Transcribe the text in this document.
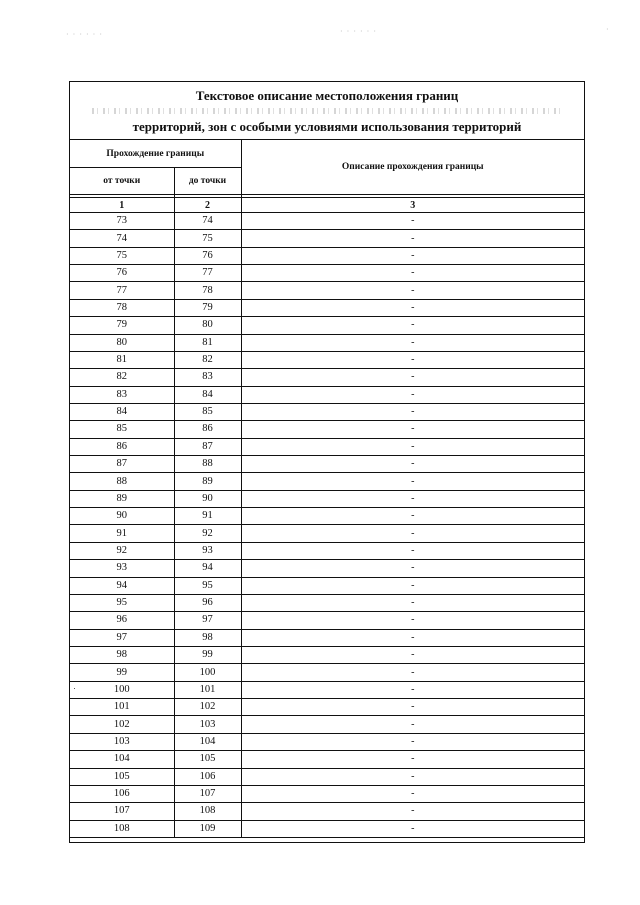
· · · · · ·	· · · · · ·	·
Текстовое описание местоположения границ
территорий, зон с особыми условиями использования территорий
Прохождение границы		Описание прохождения границы
от точки	до точки	

1	2	3
73	74	-
74	75	-
75	76	-
76	77	-
77	78	-
78	79	-
79	80	-
80	81	-
81	82	-
82	83	-
83	84	-
84	85	-
85	86	-
86	87	-
87	88	-
88	89	-
89	90	-
90	91	-
91	92	-
92	93	-
93	94	-
94	95	-
95	96	-
96	97	-
97	98	-
98	99	-
99	100	-
100	101	-
101	102	-
102	103	-
103	104	-
104	105	-
105	106	-
106	107	-
107	108	-
108	109	-
